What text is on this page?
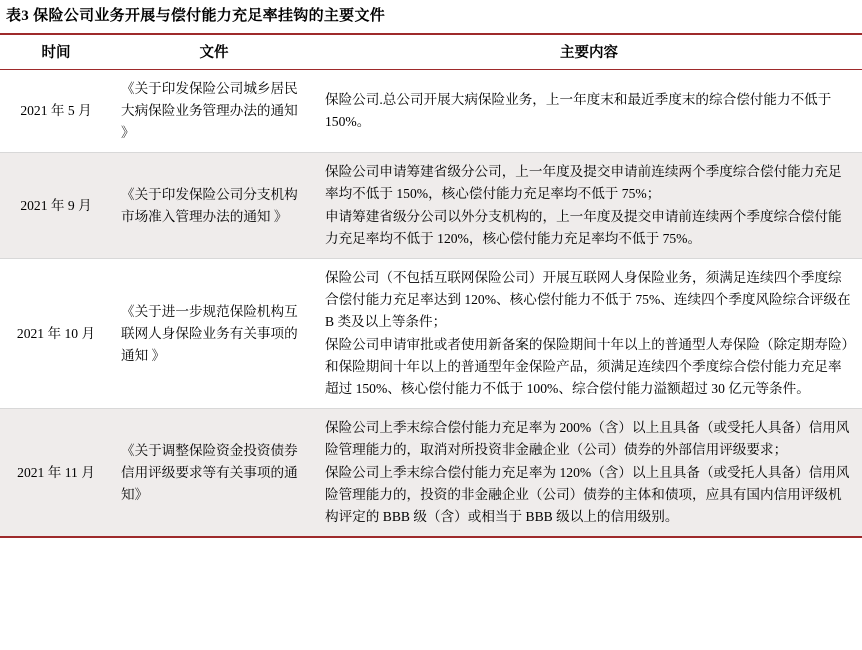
表3 保险公司业务开展与偿付能力充足率挂钩的主要文件
时间	文件	主要内容
2021 年 5 月	《关于印发保险公司城乡居民大病保险业务管理办法的通知 》	保险公司.总公司开展大病保险业务，上一年度末和最近季度末的综合偿付能力不低于 150%。

2021 年 9 月	《关于印发保险公司分支机构市场准入管理办法的通知 》	保险公司申请筹建省级分公司，上一年度及提交申请前连续两个季度综合偿付能力充足率均不低于 150%，核心偿付能力充足率均不低于 75%；

申请筹建省级分公司以外分支机构的，上一年度及提交申请前连续两个季度综合偿付能力充足率均不低于 120%，核心偿付能力充足率均不低于 75%。

2021 年 10 月	《关于进一步规范保险机构互联网人身保险业务有关事项的通知 》	保险公司（不包括互联网保险公司）开展互联网人身保险业务，须满足连续四个季度综合偿付能力充足率达到 120%、核心偿付能力不低于 75%、连续四个季度风险综合评级在 B 类及以上等条件；

保险公司申请审批或者使用新备案的保险期间十年以上的普通型人寿保险（除定期寿险）和保险期间十年以上的普通型年金保险产品，须满足连续四个季度综合偿付能力充足率超过 150%、核心偿付能力不低于 100%、综合偿付能力溢额超过 30 亿元等条件。

2021 年 11 月	《关于调整保险资金投资债券信用评级要求等有关事项的通知》	保险公司上季末综合偿付能力充足率为 200%（含）以上且具备（或受托人具备）信用风险管理能力的，取消对所投资非金融企业（公司）债券的外部信用评级要求；

保险公司上季末综合偿付能力充足率为 120%（含）以上且具备（或受托人具备）信用风险管理能力的，投资的非金融企业（公司）债券的主体和债项，应具有国内信用评级机构评定的 BBB 级（含）或相当于 BBB 级以上的信用级别。
